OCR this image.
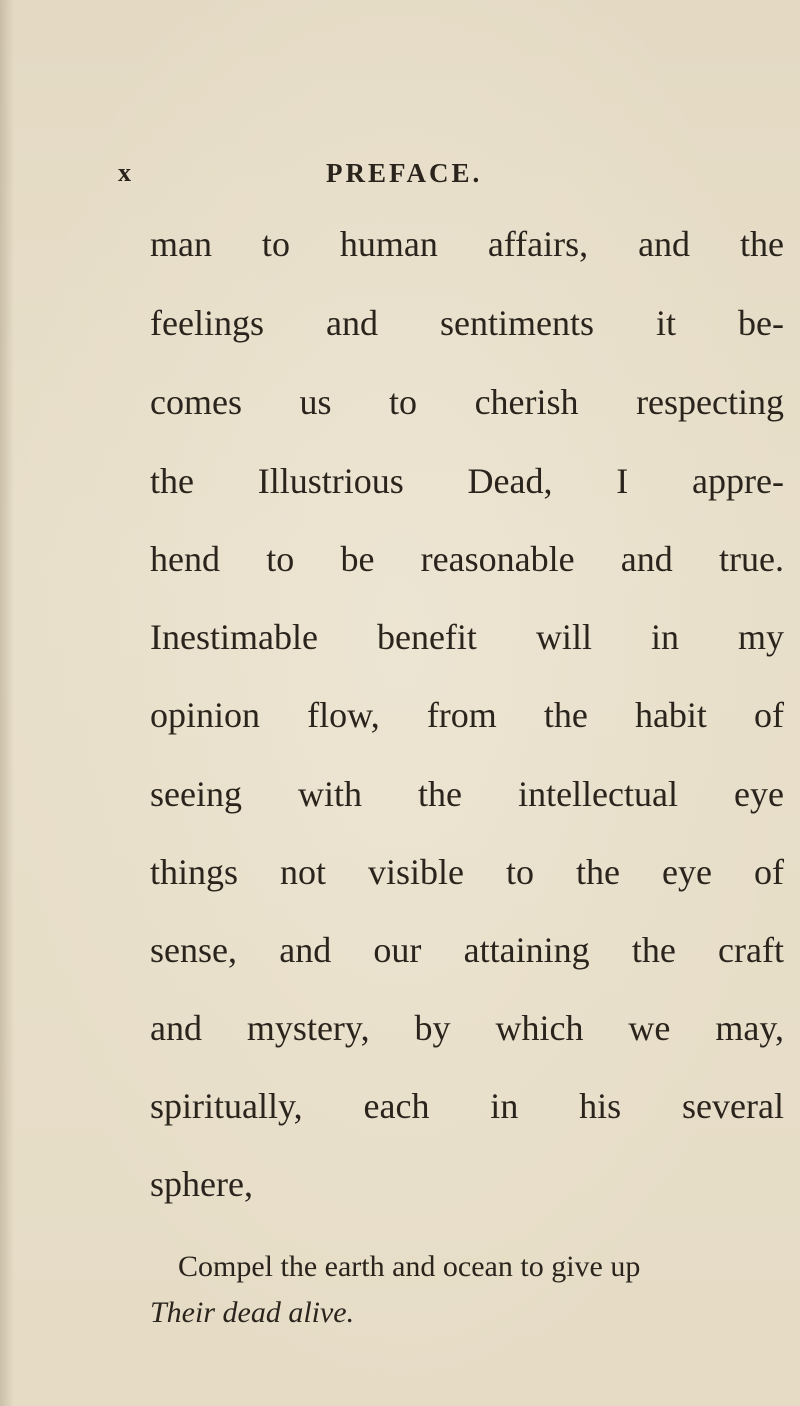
x	PREFACE.
man to human affairs, and the
feelings and sentiments it be-
comes us to cherish respecting
the Illustrious Dead, I appre-
hend to be reasonable and true.
Inestimable benefit will in my
opinion flow, from the habit of
seeing with the intellectual eye
things not visible to the eye of
sense, and our attaining the craft
and mystery, by which we may,
spiritually, each in his several
sphere,
Compel the earth and ocean to give up
Their dead alive.
